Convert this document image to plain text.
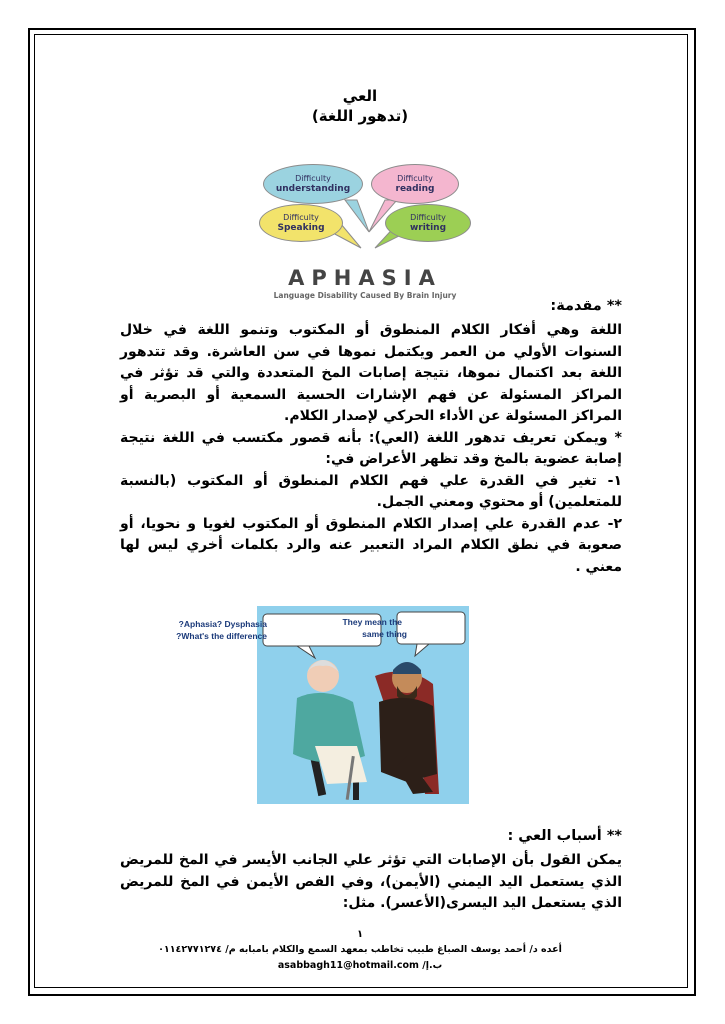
العي
(تدهور اللغة)
Difficulty
understanding
Difficulty
reading
Difficulty
Speaking
Difficulty
writing
APHASIA
Language Disability Caused By Brain Injury
** مقدمة:

اللغة وهي أفكار الكلام المنطوق أو المكتوب وتنمو اللغة في خلال السنوات الأولي من العمر ويكتمل نموها في سن العاشرة. وقد تتدهور اللغة بعد اكتمال نموها، نتيجة إصابات المخ المتعددة والتي قد تؤثر في المراكز المسئولة عن فهم الإشارات الحسية السمعية أو البصرية أو المراكز المسئولة عن الأداء الحركي لإصدار الكلام.

* ويمكن تعريف تدهور اللغة (العي): بأنه قصور مكتسب في اللغة نتيجة إصابة عضوية بالمخ وقد تظهر الأعراض في:

١- تغير في القدرة علي فهم الكلام المنطوق أو المكتوب (بالنسبة للمتعلمين) أو محتوي ومعني الجمل.

٢- عدم القدرة علي إصدار الكلام المنطوق أو المكتوب لغويا و نحويا، أو صعوبة في نطق الكلام المراد التعبير عنه والرد بكلمات أخري ليس لها معني .

Aphasia? Dysphasia?
What's the difference?
They mean the
same thing
** أسباب العي :

يمكن القول بأن الإصابات التي تؤثر علي الجانب الأيسر في المخ للمريض الذي يستعمل اليد اليمني (الأيمن)، وفي الفص الأيمن في المخ للمريض الذي يستعمل اليد اليسرى(الأعسر). مثل:

١
أعده د/ أحمد يوسف الصباغ طبيب تخاطب بمعهد السمع والكلام بامبابه م/ ٠١١٤٢٧٧١٢٧٤
ب.إ/ asabbagh11@hotmail.com
